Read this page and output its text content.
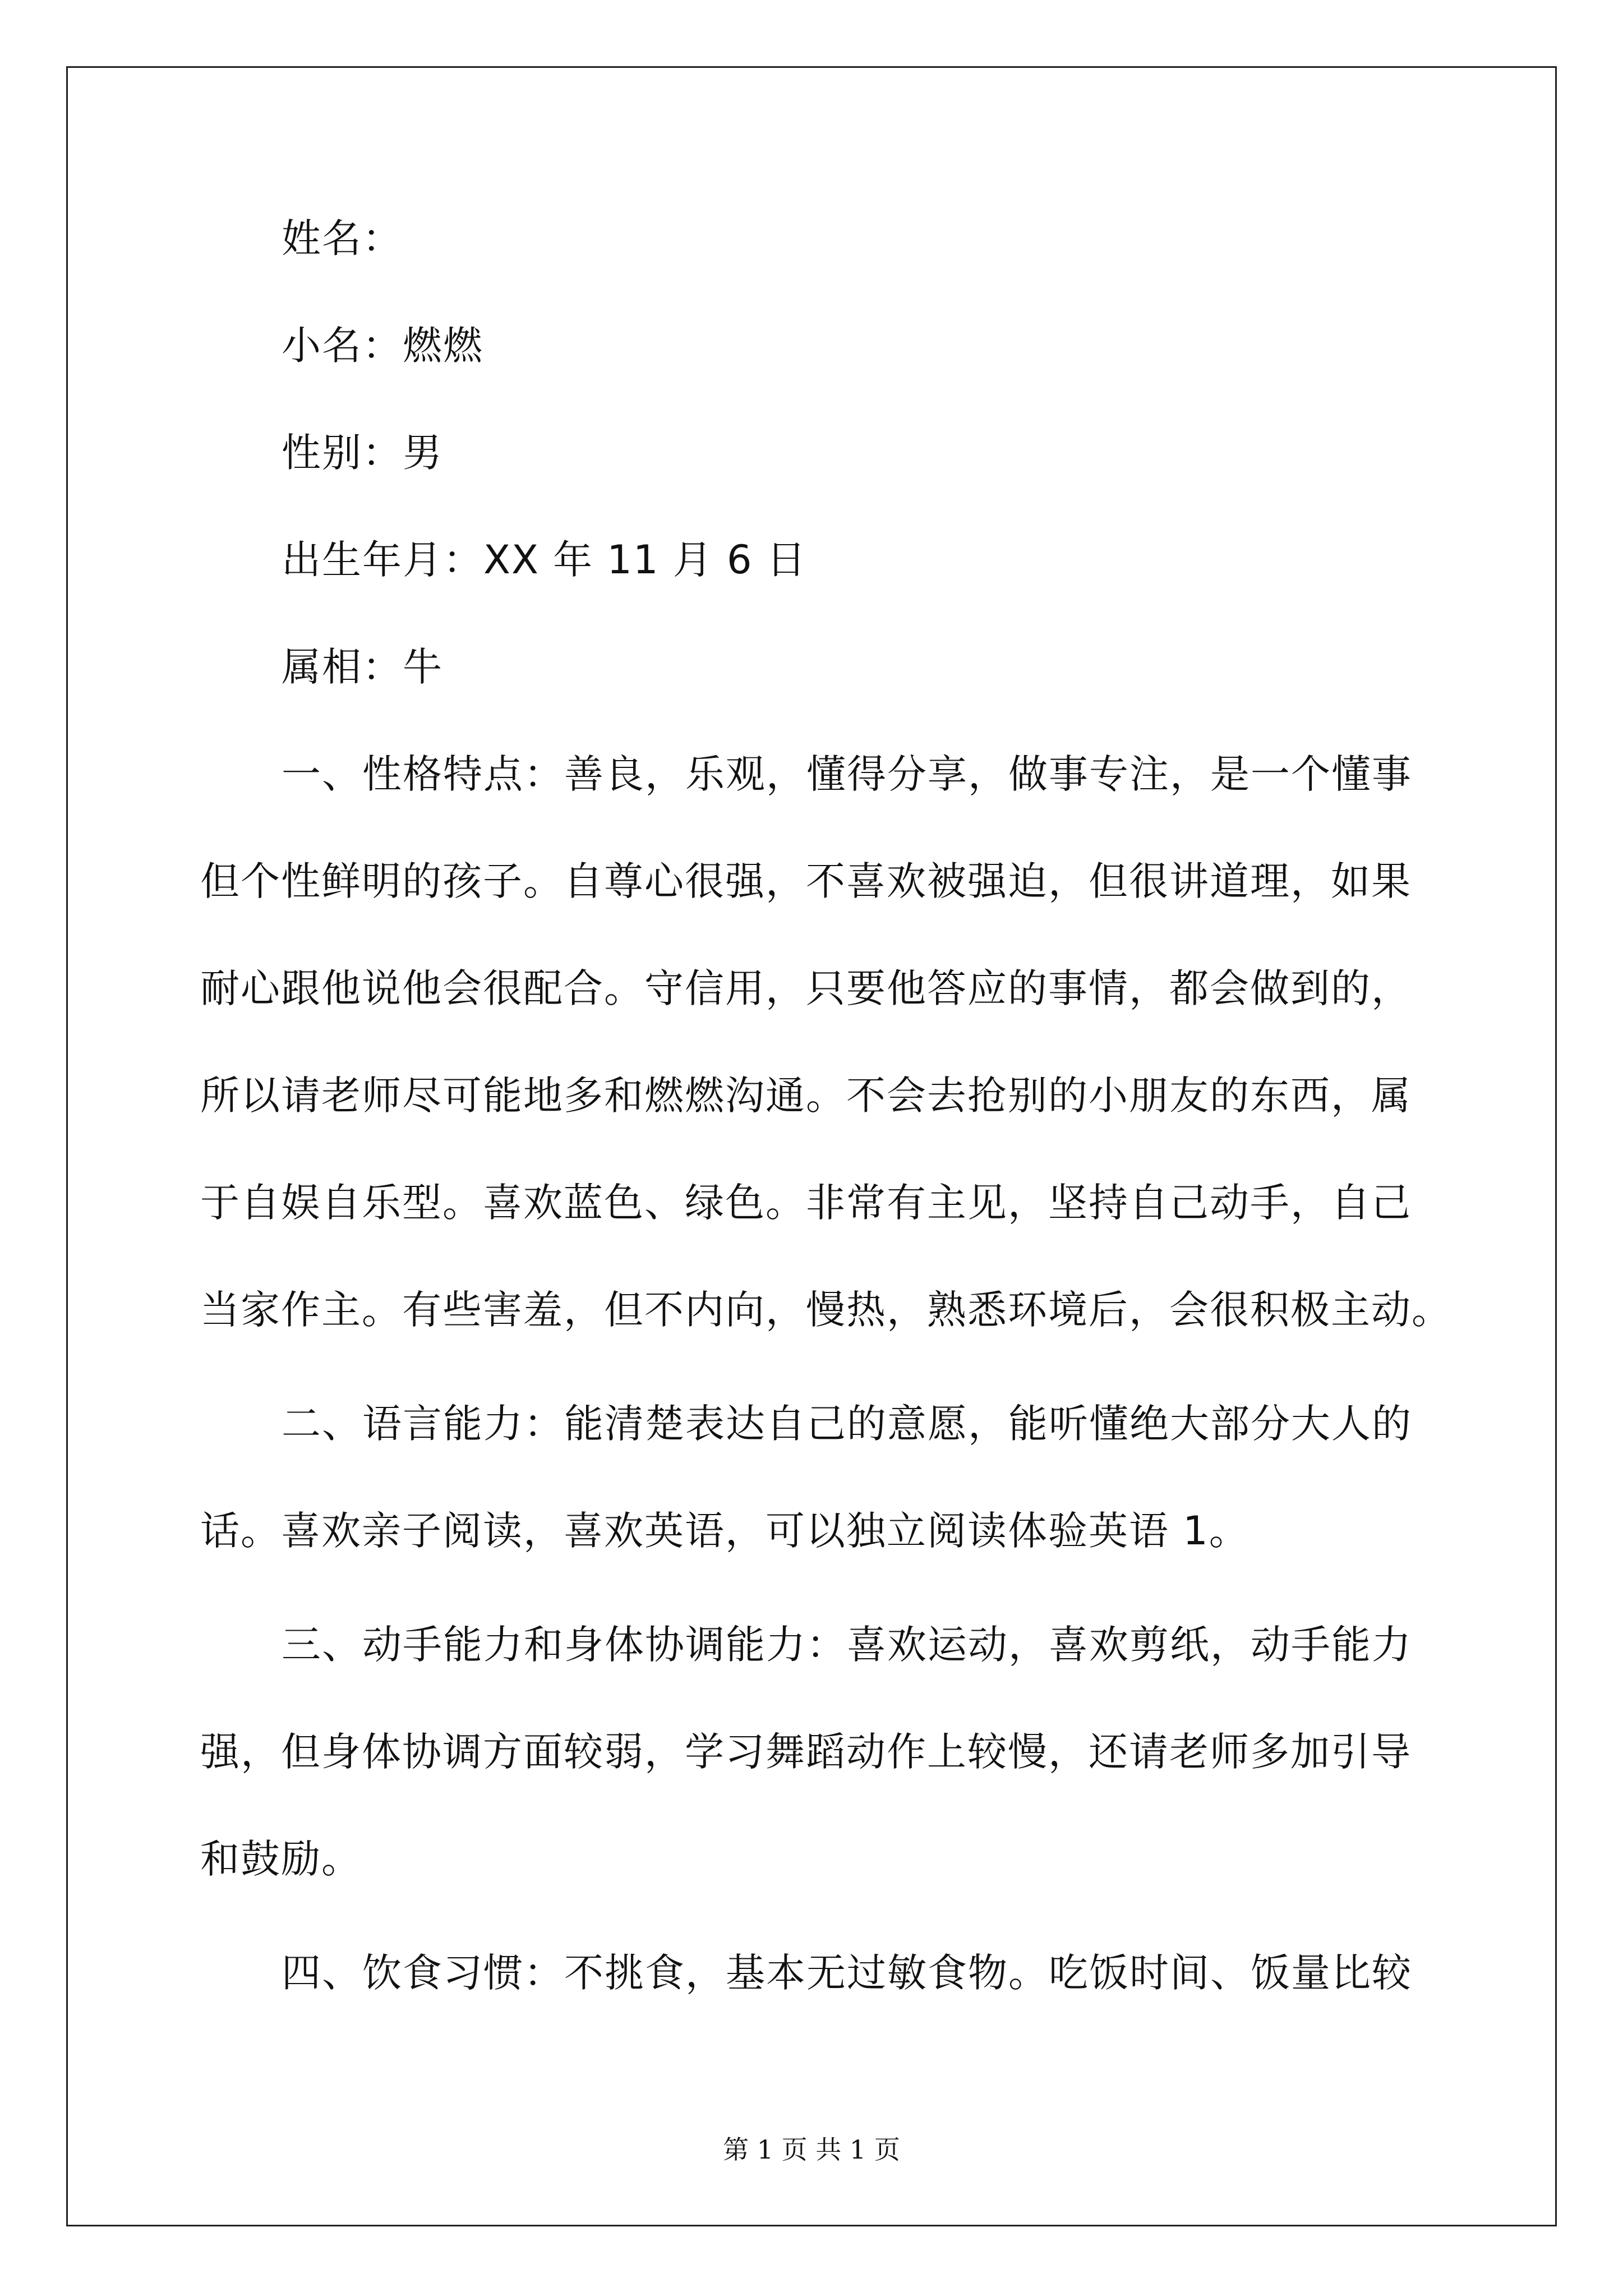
姓名：
小名：燃燃
性别：男
出生年月：XX 年 11 月 6 日
属相：牛
一、性格特点：善良，乐观，懂得分享，做事专注，是一个懂事
但个性鲜明的孩子。自尊心很强，不喜欢被强迫，但很讲道理，如果
耐心跟他说他会很配合。守信用，只要他答应的事情，都会做到的，
所以请老师尽可能地多和燃燃沟通。不会去抢别的小朋友的东西，属
于自娱自乐型。喜欢蓝色、绿色。非常有主见，坚持自己动手，自己
当家作主。有些害羞，但不内向，慢热，熟悉环境后，会很积极主动。
二、语言能力：能清楚表达自己的意愿，能听懂绝大部分大人的
话。喜欢亲子阅读，喜欢英语，可以独立阅读体验英语 1。
三、动手能力和身体协调能力：喜欢运动，喜欢剪纸，动手能力
强，但身体协调方面较弱，学习舞蹈动作上较慢，还请老师多加引导
和鼓励。
四、饮食习惯：不挑食，基本无过敏食物。吃饭时间、饭量比较
第 1 页 共 1 页
